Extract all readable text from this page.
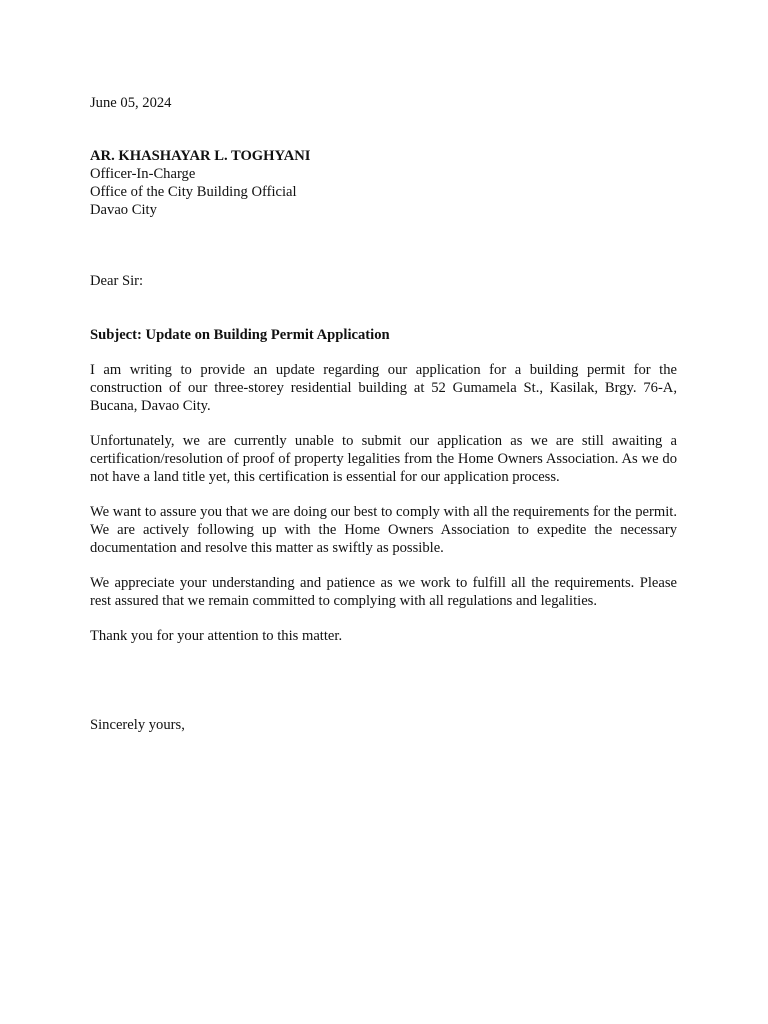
June 05, 2024
AR. KHASHAYAR L. TOGHYANI
Officer-In-Charge
Office of the City Building Official
Davao City
Dear Sir:
Subject: Update on Building Permit Application

I am writing to provide an update regarding our application for a building permit for the construction of our three-storey residential building at 52 Gumamela St., Kasilak, Brgy. 76-A, Bucana, Davao City.

Unfortunately, we are currently unable to submit our application as we are still awaiting a certification/resolution of proof of property legalities from the Home Owners Association. As we do not have a land title yet, this certification is essential for our application process.

We want to assure you that we are doing our best to comply with all the requirements for the permit. We are actively following up with the Home Owners Association to expedite the necessary documentation and resolve this matter as swiftly as possible.

We appreciate your understanding and patience as we work to fulfill all the requirements. Please rest assured that we remain committed to complying with all regulations and legalities.

Thank you for your attention to this matter.

Sincerely yours,
